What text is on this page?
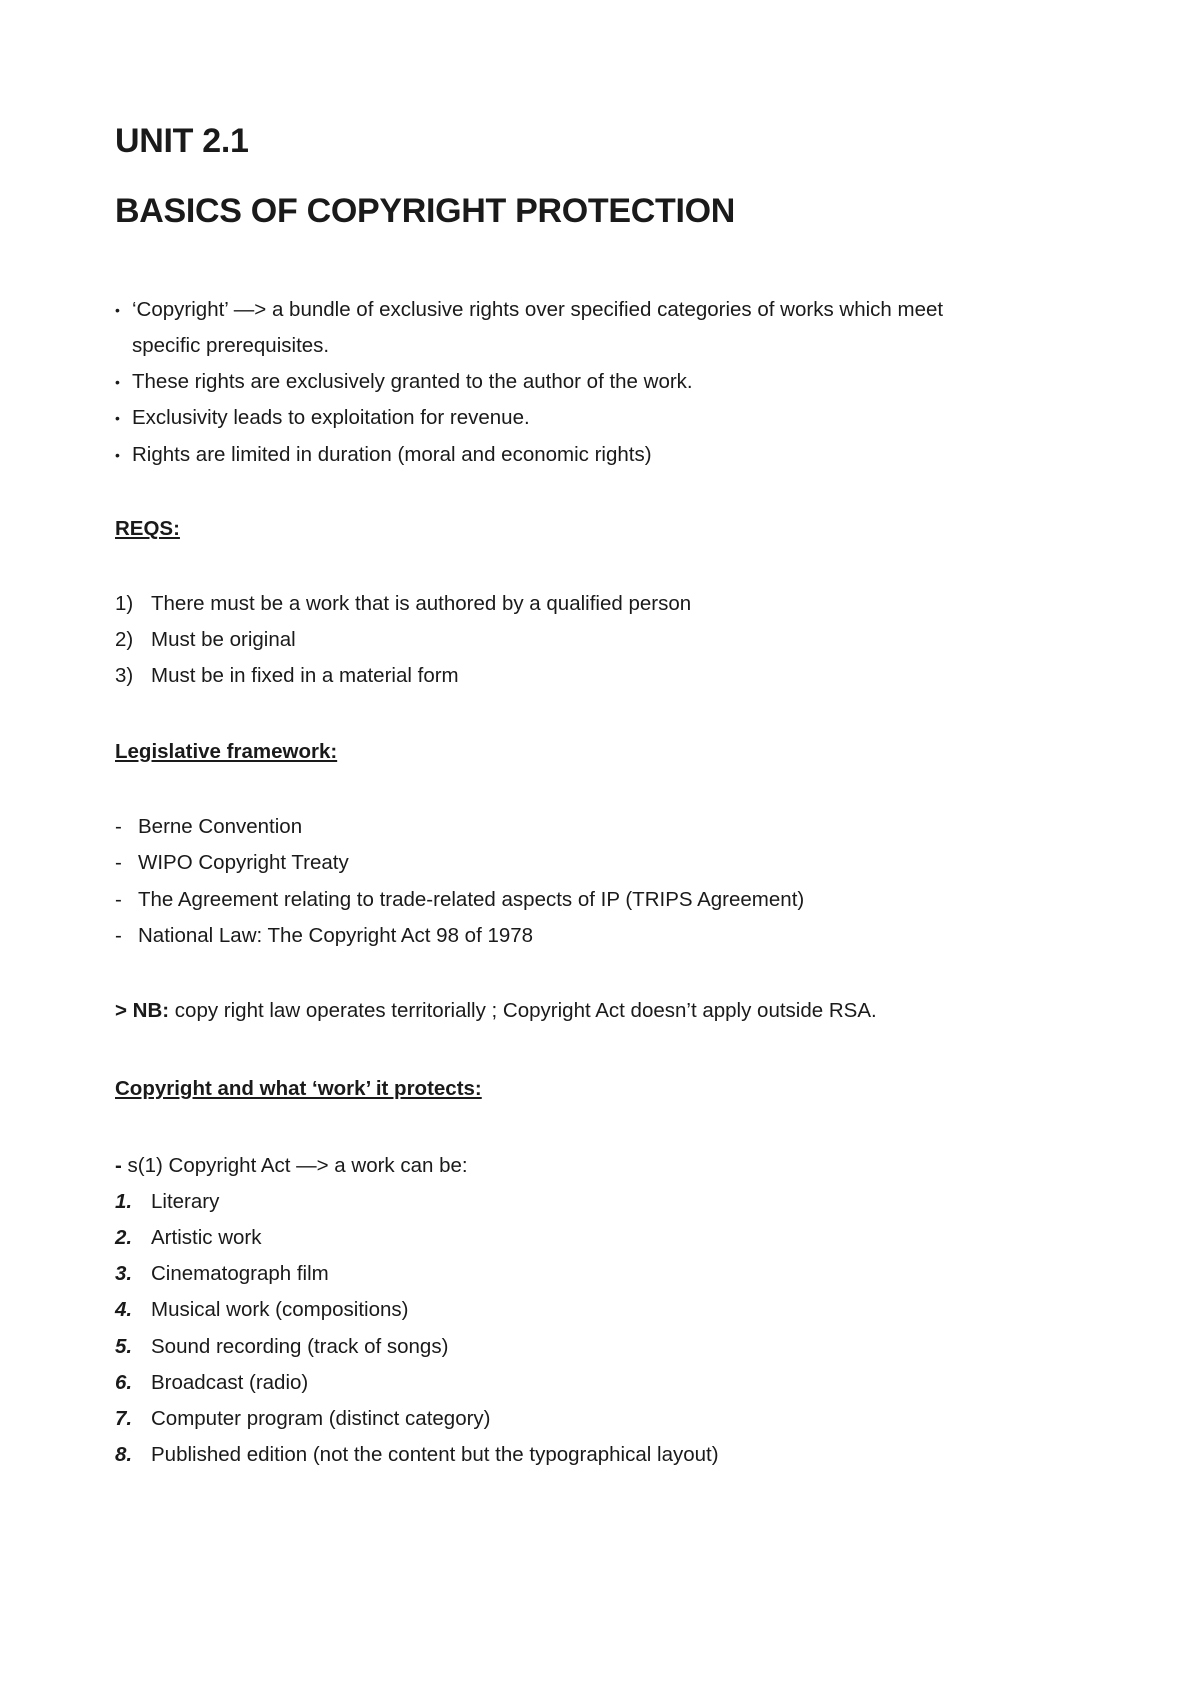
UNIT 2.1
BASICS OF COPYRIGHT PROTECTION
• ‘Copyright’ —> a bundle of exclusive rights over specified categories of works which meet
specific prerequisites.
• These rights are exclusively granted to the author of the work.
• Exclusivity leads to exploitation for revenue.
• Rights are limited in duration (moral and economic rights)
REQS:
1) There must be a work that is authored by a qualified person
2) Must be original
3) Must be in fixed in a material form
Legislative framework:
- Berne Convention
- WIPO Copyright Treaty
- The Agreement relating to trade-related aspects of IP (TRIPS Agreement)
- National Law: The Copyright Act 98 of 1978
> NB: copy right law operates territorially ; Copyright Act doesn’t apply outside RSA.
Copyright and what ‘work’ it protects:
- s(1) Copyright Act —> a work can be:
1. Literary
2. Artistic work
3. Cinematograph film
4. Musical work (compositions)
5. Sound recording (track of songs)
6. Broadcast (radio)
7. Computer program (distinct category)
8. Published edition (not the content but the typographical layout)
